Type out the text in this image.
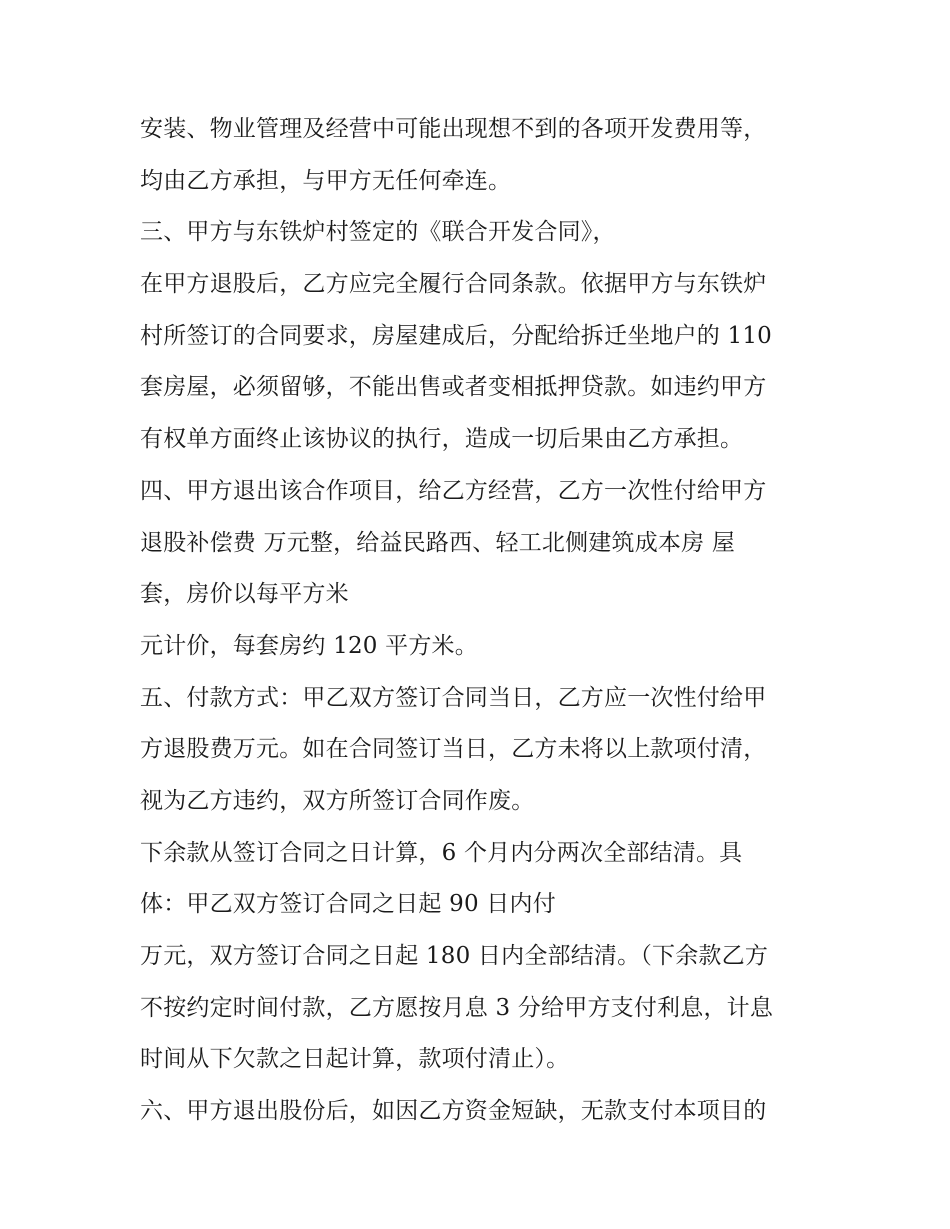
安装、物业管理及经营中可能出现想不到的各项开发费用等，
均由乙方承担，与甲方无任何牵连。
三、甲方与东铁炉村签定的《联合开发合同》，
在甲方退股后，乙方应完全履行合同条款。依据甲方与东铁炉
村所签订的合同要求，房屋建成后，分配给拆迁坐地户的 110
套房屋，必须留够，不能出售或者变相抵押贷款。如违约甲方
有权单方面终止该协议的执行，造成一切后果由乙方承担。
四、甲方退出该合作项目，给乙方经营，乙方一次性付给甲方
退股补偿费 万元整，给益民路西、轻工北侧建筑成本房 屋
套，房价以每平方米
元计价，每套房约 120 平方米。
五、付款方式：甲乙双方签订合同当日，乙方应一次性付给甲
方退股费万元。如在合同签订当日，乙方未将以上款项付清，
视为乙方违约，双方所签订合同作废。
下余款从签订合同之日计算，6 个月内分两次全部结清。具
体：甲乙双方签订合同之日起 90 日内付
万元，双方签订合同之日起 180 日内全部结清。（下余款乙方
不按约定时间付款，乙方愿按月息 3 分给甲方支付利息，计息
时间从下欠款之日起计算，款项付清止）。
六、甲方退出股份后，如因乙方资金短缺，无款支付本项目的
